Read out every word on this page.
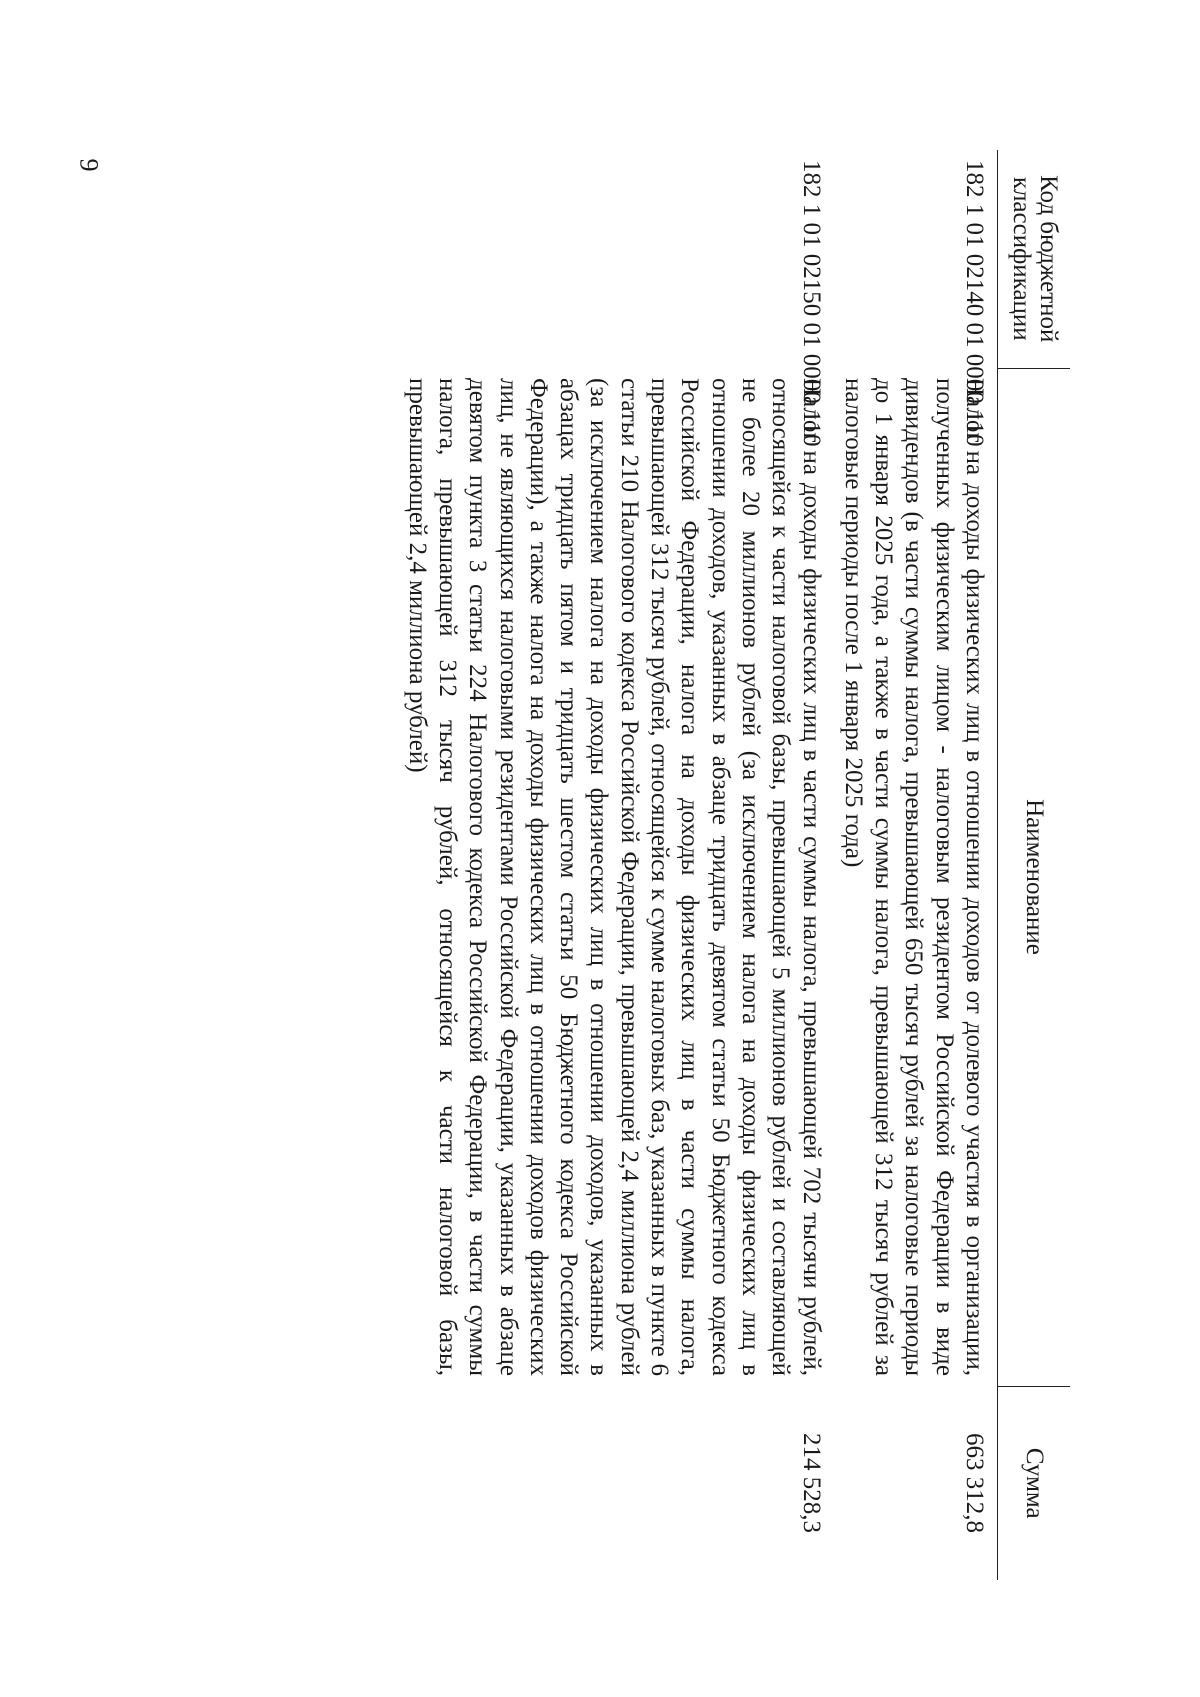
9
Код бюджетной классификации	Наименование	Сумма
182 1 01 02140 01 0000 110	Налог на доходы физических лиц в отношении доходов от долевого участия в организации, полученных физическим лицом - налоговым резидентом Российской Федерации в виде дивидендов (в части суммы налога, превышающей 650 тысяч рублей за налоговые периоды до 1 января 2025 года, а также в части суммы налога, превышающей 312 тысяч рублей за налоговые периоды после 1 января 2025 года)	663 312,8
182 1 01 02150 01 0000 110	Налог на доходы физических лиц в части суммы налога, превышающей 702 тысячи рублей, относящейся к части налоговой базы, превышающей 5 миллионов рублей и составляющей не более 20 миллионов рублей (за исключением налога на доходы физических лиц в отношении доходов, указанных в абзаце тридцать девятом статьи 50 Бюджетного кодекса Российской Федерации, налога на доходы физических лиц в части суммы налога, превышающей 312 тысяч рублей, относящейся к сумме налоговых баз, указанных в пункте 6 статьи 210 Налогового кодекса Российской Федерации, превышающей 2,4 миллиона рублей (за исключением налога на доходы физических лиц в отношении доходов, указанных в абзацах тридцать пятом и тридцать шестом статьи 50 Бюджетного кодекса Российской Федерации), а также налога на доходы физических лиц в отношении доходов физических лиц, не являющихся налоговыми резидентами Российской Федерации, указанных в абзаце девятом пункта 3 статьи 224 Налогового кодекса Российской Федерации, в части суммы налога, превышающей 312 тысяч рублей, относящейся к части налоговой базы, превышающей 2,4 миллиона рублей)	214 528,3
